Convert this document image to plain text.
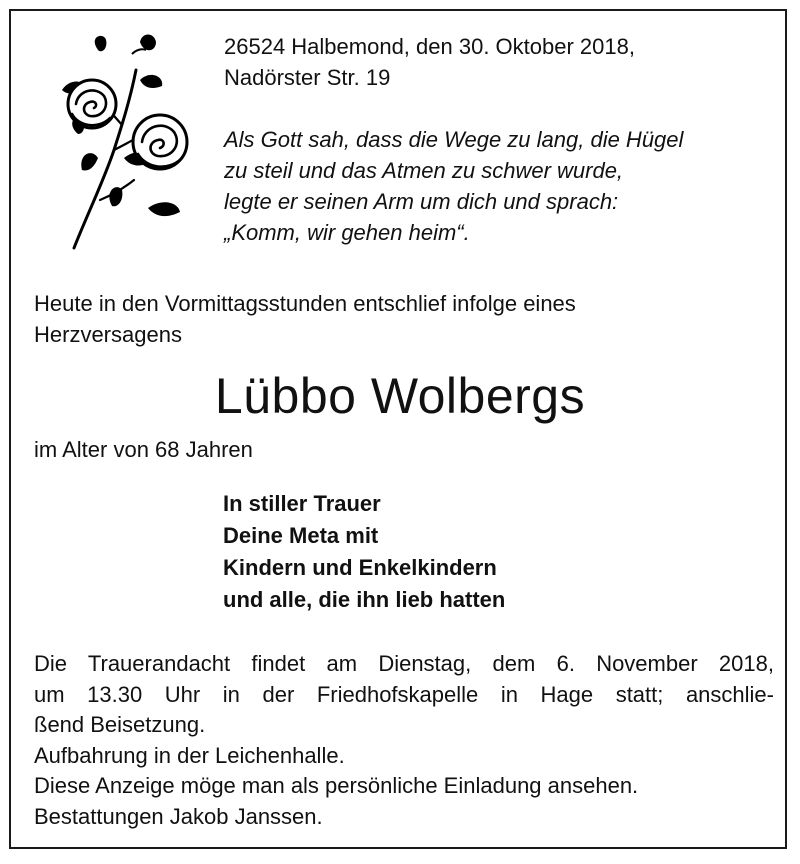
26524 Halbemond, den 30. Oktober 2018,
Nadörster Str. 19
Als Gott sah, dass die Wege zu lang, die Hügel
zu steil und das Atmen zu schwer wurde,
legte er seinen Arm um dich und sprach:
„Komm, wir gehen heim“.
Heute in den Vormittagsstunden entschlief infolge eines
Herzversagens
Lübbo Wolbergs
im Alter von 68 Jahren
In stiller Trauer
Deine Meta mit
Kindern und Enkelkindern
und alle, die ihn lieb hatten
Die Trauerandacht findet am Dienstag, dem 6. November 2018,
um 13.30 Uhr in der Friedhofskapelle in Hage statt; anschlie-
ßend Beisetzung.
Aufbahrung in der Leichenhalle.
Diese Anzeige möge man als persönliche Einladung ansehen.
Bestattungen Jakob Janssen.
